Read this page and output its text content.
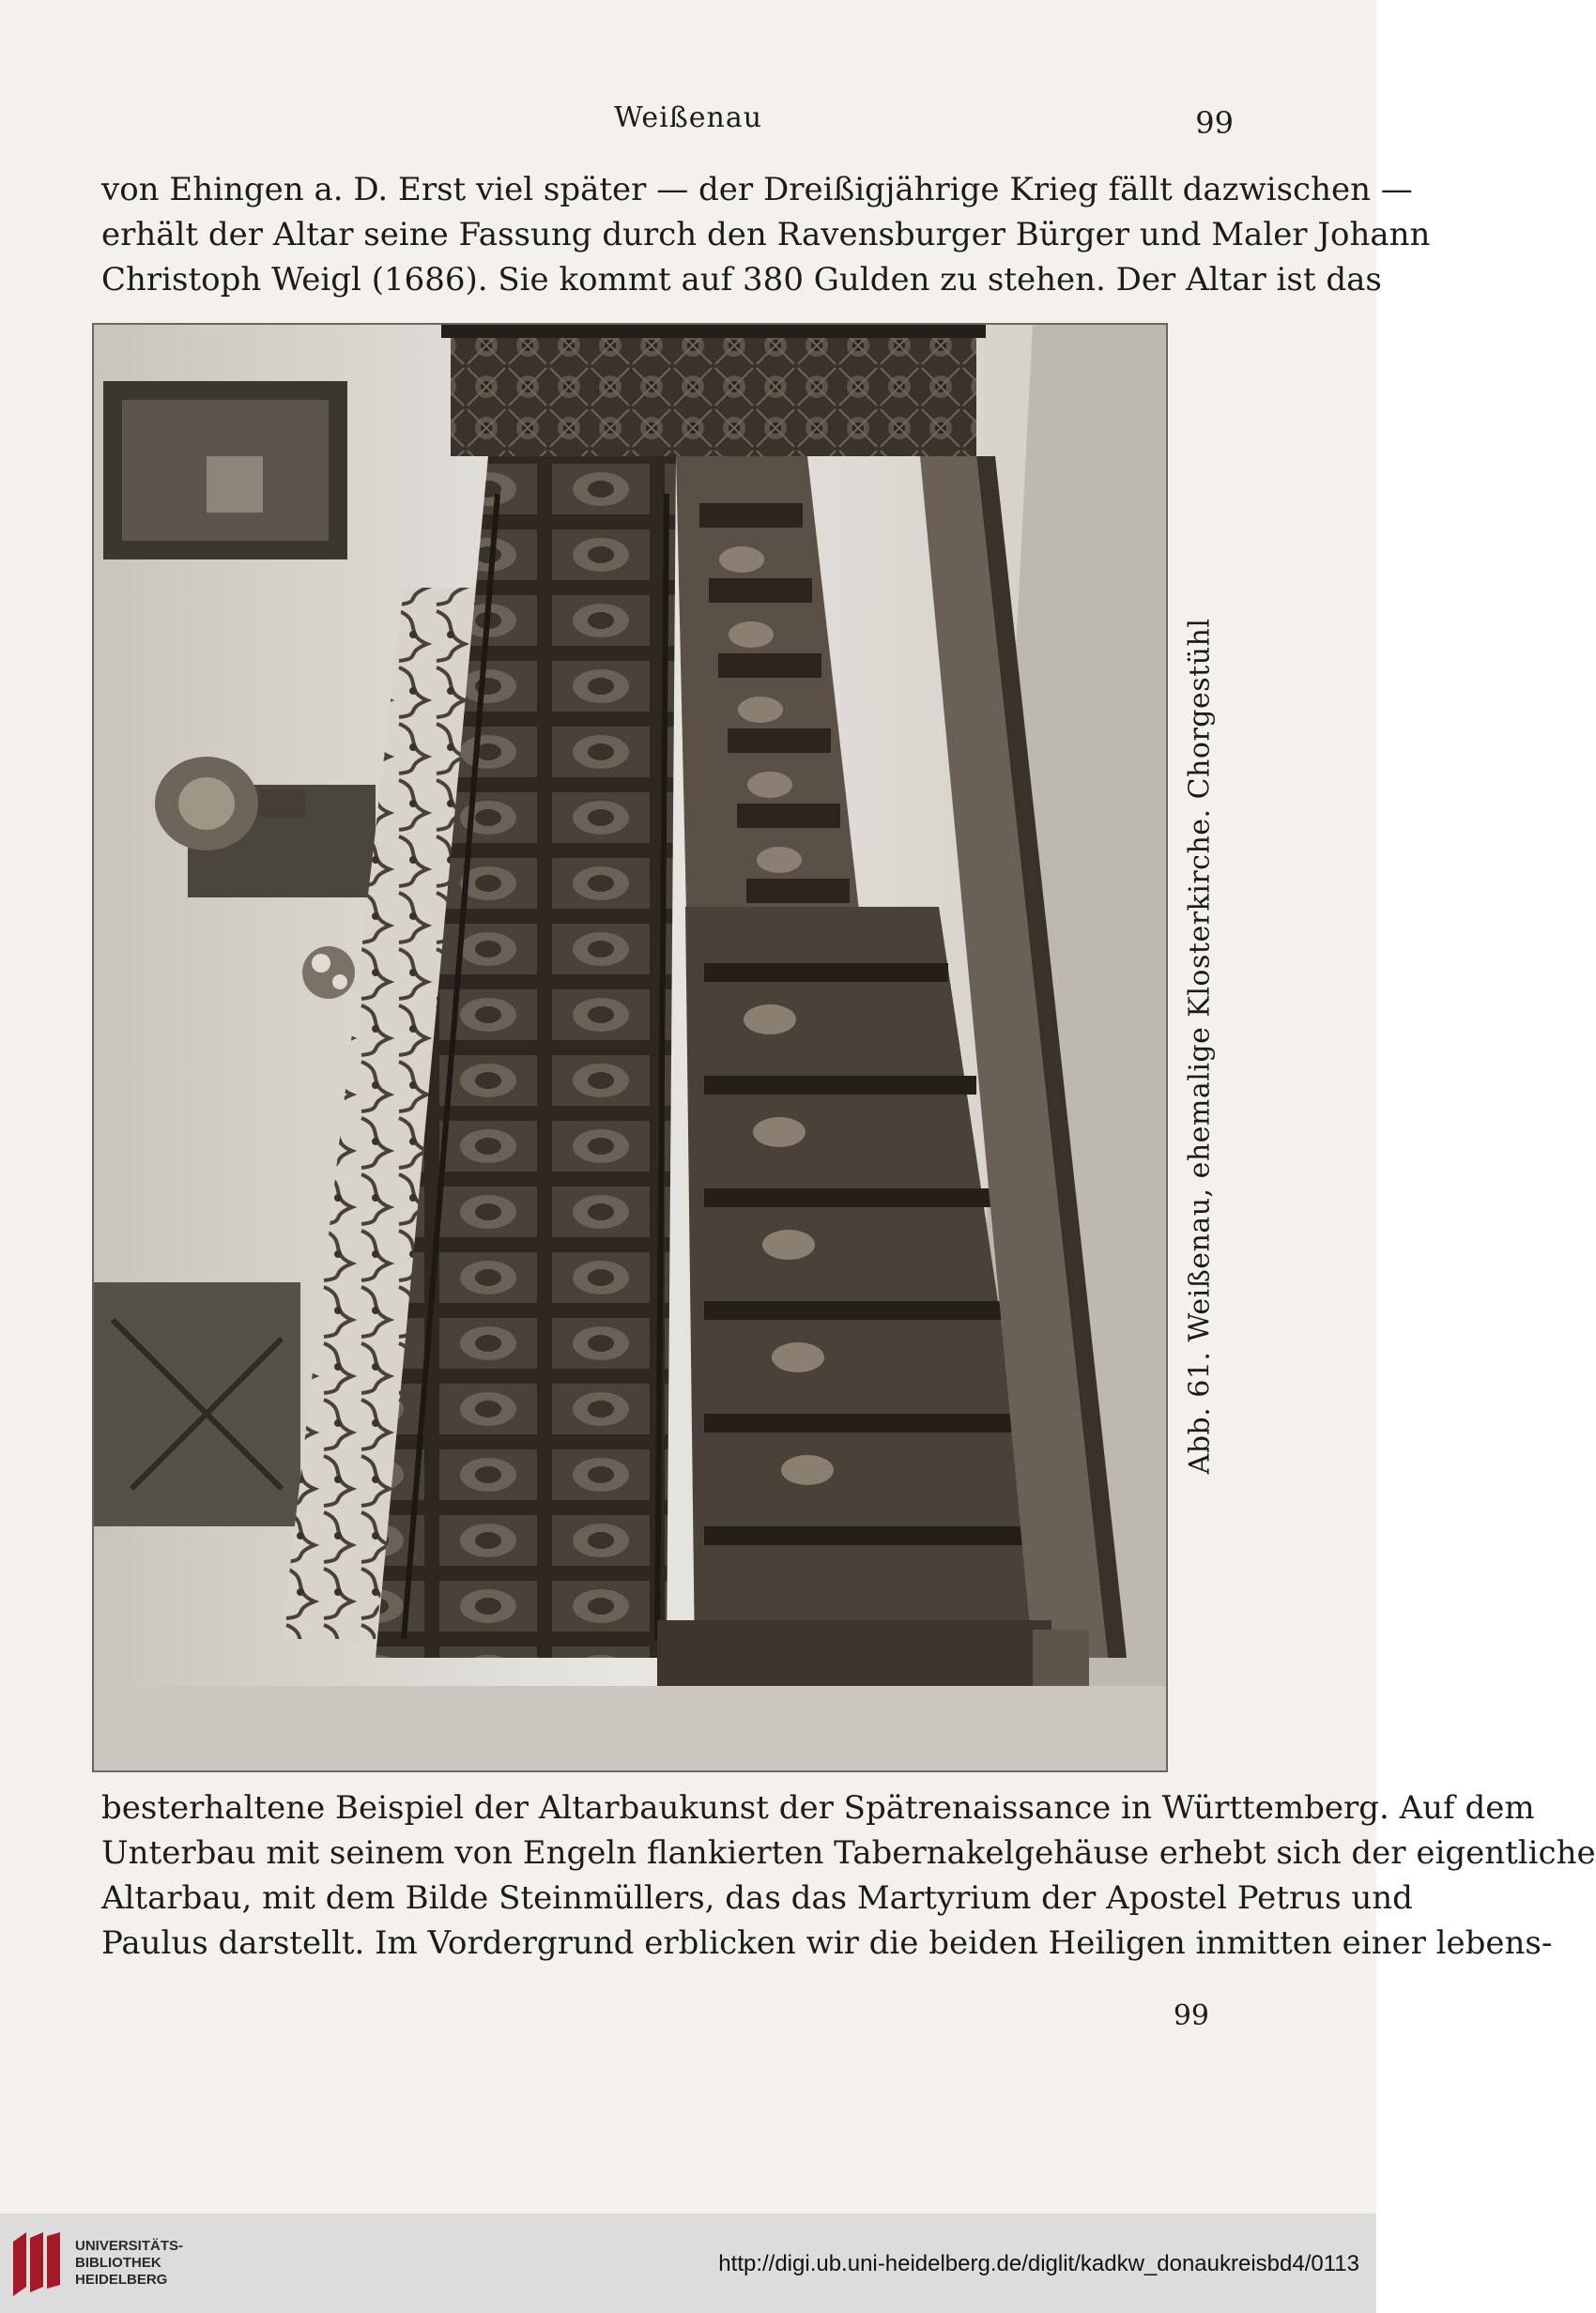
Weißenau	99

von Ehingen a. D. Erst viel später — der Dreißigjährige Krieg fällt dazwischen —
erhält der Altar seine Fassung durch den Ravensburger Bürger und Maler Johann
Christoph Weigl (1686). Sie kommt auf 380 Gulden zu stehen. Der Altar ist das

Abb. 61. Weißenau, ehemalige Klosterkirche. Chorgestühl

besterhaltene Beispiel der Altarbaukunst der Spätrenaissance in Württemberg. Auf dem
Unterbau mit seinem von Engeln flankierten Tabernakelgehäuse erhebt sich der eigentliche
Altarbau, mit dem Bilde Steinmüllers, das das Martyrium der Apostel Petrus und
Paulus darstellt. Im Vordergrund erblicken wir die beiden Heiligen inmitten einer lebens-

99
UNIVERSITÄTS-
BIBLIOTHEK
HEIDELBERG
http://digi.ub.uni-heidelberg.de/diglit/kadkw_donaukreisbd4/0113
